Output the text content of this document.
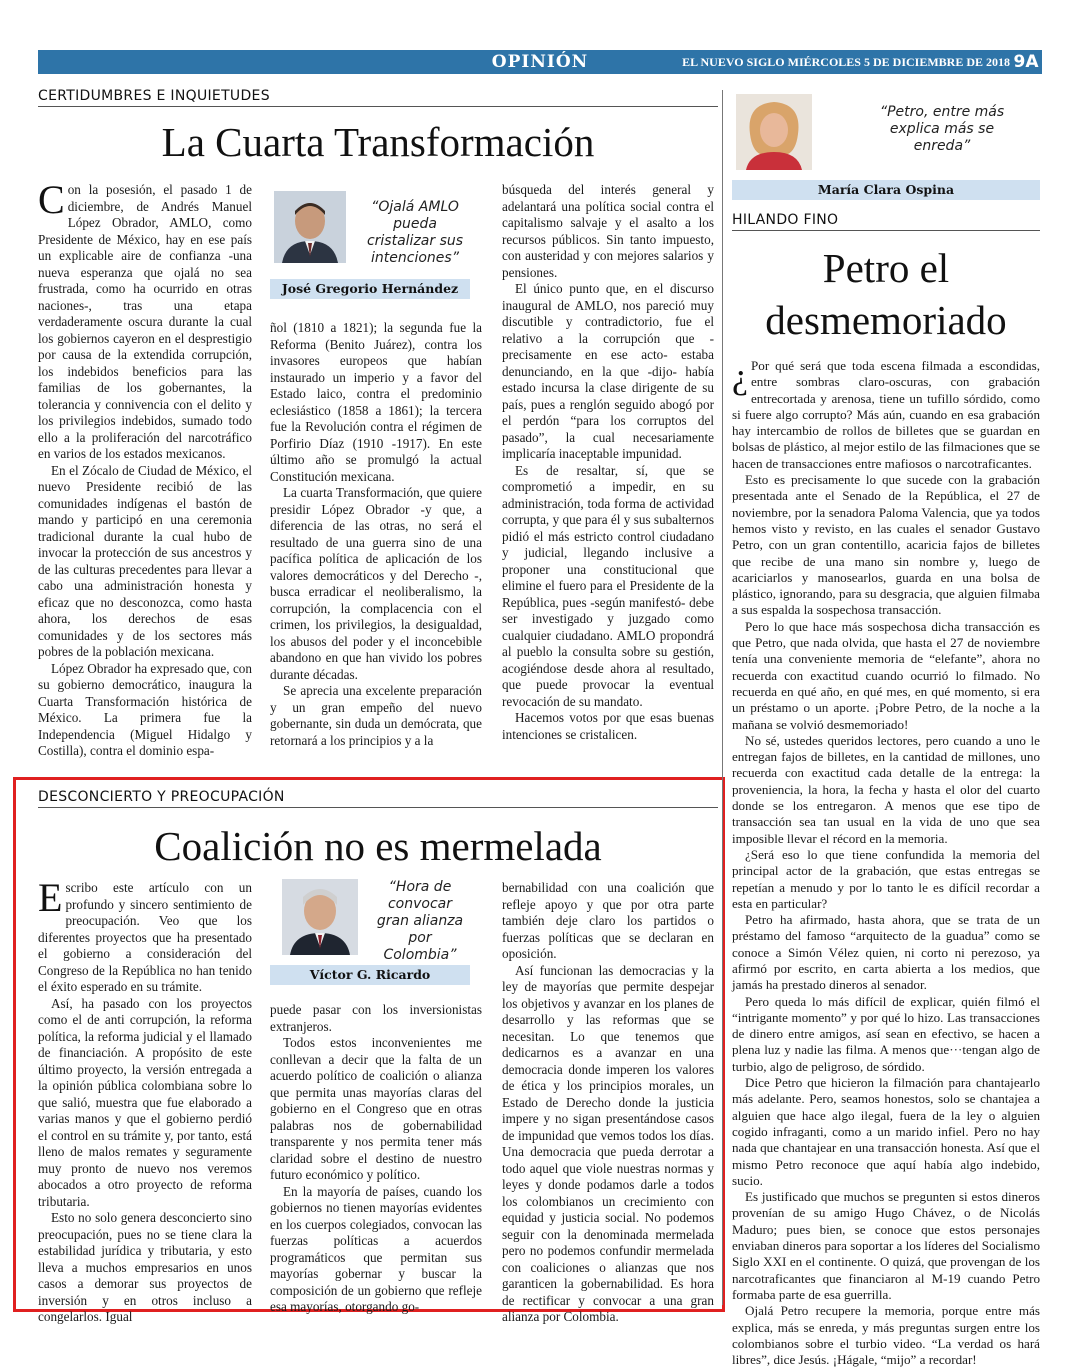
OPINIÓN	EL NUEVO SIGLO MIÉRCOLES 5 DE DICIEMBRE DE 2018 9A
CERTIDUMBRES E INQUIETUDES
La Cuarta Transformación

Con la posesión, el pasado 1 de diciembre, de Andrés Manuel López Obrador, AMLO, como Presidente de México, hay en ese país un explicable aire de confianza -una nueva esperanza que ojalá no sea frustrada, como ha ocurrido en otras naciones-, tras una etapa verdaderamente oscura durante la cual los gobiernos cayeron en el desprestigio por causa de la extendida corrupción, los indebidos beneficios para las familias de los gobernantes, la tolerancia y connivencia con el delito y los privilegios indebidos, sumado todo ello a la proliferación del narcotráfico en varios de los estados mexicanos.

En el Zócalo de Ciudad de México, el nuevo Presidente recibió de las comunidades indígenas el bastón de mando y participó en una ceremonia tradicional durante la cual hubo de invocar la protección de sus ancestros y de las culturas precedentes para llevar a cabo una administración honesta y eficaz que no desconozca, como hasta ahora, los derechos de esas comunidades y de los sectores más pobres de la población mexicana.

López Obrador ha expresado que, con su gobierno democrático, inaugura la Cuarta Transformación histórica de México. La primera fue la Independencia (Miguel Hidalgo y Costilla), contra el dominio espa-

“Ojalá AMLO pueda cristalizar sus intenciones”
José Gregorio Hernández

ñol (1810 a 1821); la segunda fue la Reforma (Benito Juárez), contra los invasores europeos que habían instaurado un imperio y a favor del Estado laico, contra el predominio eclesiástico (1858 a 1861); la tercera fue la Revolución contra el régimen de Porfirio Díaz (1910 -1917). En este último año se promulgó la actual Constitución mexicana.

La cuarta Transformación, que quiere presidir López Obrador -y que, a diferencia de las otras, no será el resultado de una guerra sino de una pacífica política de aplicación de los valores democráticos y del Derecho -, busca erradicar el neoliberalismo, la corrupción, la complacencia con el crimen, los privilegios, la desigualdad, los abusos del poder y el inconcebible abandono en que han vivido los pobres durante décadas.

Se aprecia una excelente preparación y un gran empeño del nuevo gobernante, sin duda un demócrata, que retornará a los principios y a la

búsqueda del interés general y adelantará una política social contra el capitalismo salvaje y el asalto a los recursos públicos. Sin tanto impuesto, con austeridad y con mejores salarios y pensiones.

El único punto que, en el discurso inaugural de AMLO, nos pareció muy discutible y contradictorio, fue el relativo a la corrupción que -precisamente en ese acto- estaba denunciando, en la que -dijo- había estado incursa la clase dirigente de su país, pues a renglón seguido abogó por el perdón “para los corruptos del pasado”, la cual necesariamente implicaría inaceptable impunidad.

Es de resaltar, sí, que se comprometió a impedir, en su administración, toda forma de actividad corrupta, y que para él y sus subalternos pidió el más estricto control ciudadano y judicial, llegando inclusive a proponer una constitucional que elimine el fuero para el Presidente de la República, pues -según manifestó- debe ser investigado y juzgado como cualquier ciudadano. AMLO propondrá al pueblo la consulta sobre su gestión, acogiéndose desde ahora al resultado, que puede provocar la eventual revocación de su mandato.

Hacemos votos por que esas buenas intenciones se cristalicen.

DESCONCIERTO Y PREOCUPACIÓN
Coalición no es mermelada

Escribo este artículo con un profundo y sincero sentimiento de preocupación. Veo que los diferentes proyectos que ha presentado el gobierno a consideración del Congreso de la República no han tenido el éxito esperado en su trámite.

Así, ha pasado con los proyectos como el de anti corrupción, la reforma política, la reforma judicial y el llamado de financiación. A propósito de este último proyecto, la versión entregada a la opinión pública colombiana sobre lo que salió, muestra que fue elaborado a varias manos y que el gobierno perdió el control en su trámite y, por tanto, está lleno de malos remates y seguramente muy pronto de nuevo nos veremos abocados a otro proyecto de reforma tributaria.

Esto no solo genera desconcierto sino preocupación, pues no se tiene clara la estabilidad jurídica y tributaria, y esto lleva a muchos empresarios en unos casos a demorar sus proyectos de inversión y en otros incluso a congelarlos. Igual

“Hora de convocar gran alianza por Colombia”
Víctor G. Ricardo

puede pasar con los inversionistas extranjeros.

Todos estos inconvenientes me conllevan a decir que la falta de un acuerdo político de coalición o alianza que permita unas mayorías claras del gobierno en el Congreso que en otras palabras nos de gobernabilidad transparente y nos permita tener más claridad sobre el destino de nuestro futuro económico y político.

En la mayoría de países, cuando los gobiernos no tienen mayorías evidentes en los cuerpos colegiados, convocan las fuerzas políticas a acuerdos programáticos que permitan sus mayorías gobernar y buscar la composición de un gobierno que refleje esa mayorías, otorgando go-

bernabilidad con una coalición que refleje apoyo y que por otra parte también deje claro los partidos o fuerzas políticas que se declaran en oposición.

Así funcionan las democracias y la ley de mayorías que permite despejar los objetivos y avanzar en los planes de desarrollo y las reformas que se necesitan. Lo que tenemos que dedicarnos es a avanzar en una democracia donde imperen los valores de ética y los principios morales, un Estado de Derecho donde la justicia impere y no sigan presentándose casos de impunidad que vemos todos los días. Una democracia que pueda derrotar a todo aquel que viole nuestras normas y leyes y donde podamos darle a todos los colombianos un crecimiento con equidad y justicia social. No podemos seguir con la denominada mermelada pero no podemos confundir mermelada con coaliciones o alianzas que nos garanticen la gobernabilidad. Es hora de rectificar y convocar a una gran alianza por Colombia.

“Petro, entre más explica más se enreda”
María Clara Ospina
HILANDO FINO
Petro el desmemoriado

¿ Por qué será que toda escena filmada a escondidas, entre sombras claro-oscuras, con grabación entrecortada y arenosa, tiene un tufillo sórdido, como si fuere algo corrupto? Más aún, cuando en esa grabación hay intercambio de rollos de billetes que se guardan en bolsas de plástico, al mejor estilo de las filmaciones que se hacen de transacciones entre mafiosos o narcotraficantes.

Esto es precisamente lo que sucede con la grabación presentada ante el Senado de la República, el 27 de noviembre, por la senadora Paloma Valencia, que ya todos hemos visto y revisto, en las cuales el senador Gustavo Petro, con un gran contentillo, acaricia fajos de billetes que recibe de una mano sin nombre y, luego de acariciarlos y manosearlos, guarda en una bolsa de plástico, ignorando, para su desgracia, que alguien filmaba a sus espalda la sospechosa transacción.

Pero lo que hace más sospechosa dicha transacción es que Petro, que nada olvida, que hasta el 27 de noviembre tenía una conveniente memoria de “elefante”, ahora no recuerda con exactitud cuando ocurrió lo filmado. No recuerda en qué año, en qué mes, en qué momento, si era un préstamo o un aporte. ¡Pobre Petro, de la noche a la mañana se volvió desmemoriado!

No sé, ustedes queridos lectores, pero cuando a uno le entregan fajos de billetes, en la cantidad de millones, uno recuerda con exactitud cada detalle de la entrega: la proveniencia, la hora, la fecha y hasta el olor del cuarto donde se los entregaron. A menos que ese tipo de transacción sea tan usual en la vida de uno que sea imposible llevar el récord en la memoria.

¿Será eso lo que tiene confundida la memoria del principal actor de la grabación, que estas entregas se repetían a menudo y por lo tanto le es difícil recordar a esta en particular?

Petro ha afirmado, hasta ahora, que se trata de un préstamo del famoso “arquitecto de la guadua” como se conoce a Simón Vélez quien, ni corto ni perezoso, ya afirmó por escrito, en carta abierta a los medios, que jamás ha prestado dineros al senador.

Pero queda lo más difícil de explicar, quién filmó el “intrigante momento” y por qué lo hizo. Las transacciones de dinero entre amigos, así sean en efectivo, se hacen a plena luz y nadie las filma. A menos que···tengan algo de turbio, algo de peligroso, de sórdido.

Dice Petro que hicieron la filmación para chantajearlo más adelante. Pero, seamos honestos, solo se chantajea a alguien que hace algo ilegal, fuera de la ley o alguien cogido infraganti, como a un marido infiel. Pero no hay nada que chantajear en una transacción honesta. Así que el mismo Petro reconoce que aquí había algo indebido, sucio.

Es justificado que muchos se pregunten si estos dineros provenían de su amigo Hugo Chávez, o de Nicolás Maduro; pues bien, se conoce que estos personajes enviaban dineros para soportar a los líderes del Socialismo Siglo XXI en el continente. O quizá, que provengan de los narcotraficantes que financiaron al M-19 cuando Petro formaba parte de esa guerrilla.

Ojalá Petro recupere la memoria, porque entre más explica, más se enreda, y más preguntas surgen entre los colombianos sobre el turbio video. “La verdad os hará libres”, dice Jesús. ¡Hágale, “mijo” a recordar!
